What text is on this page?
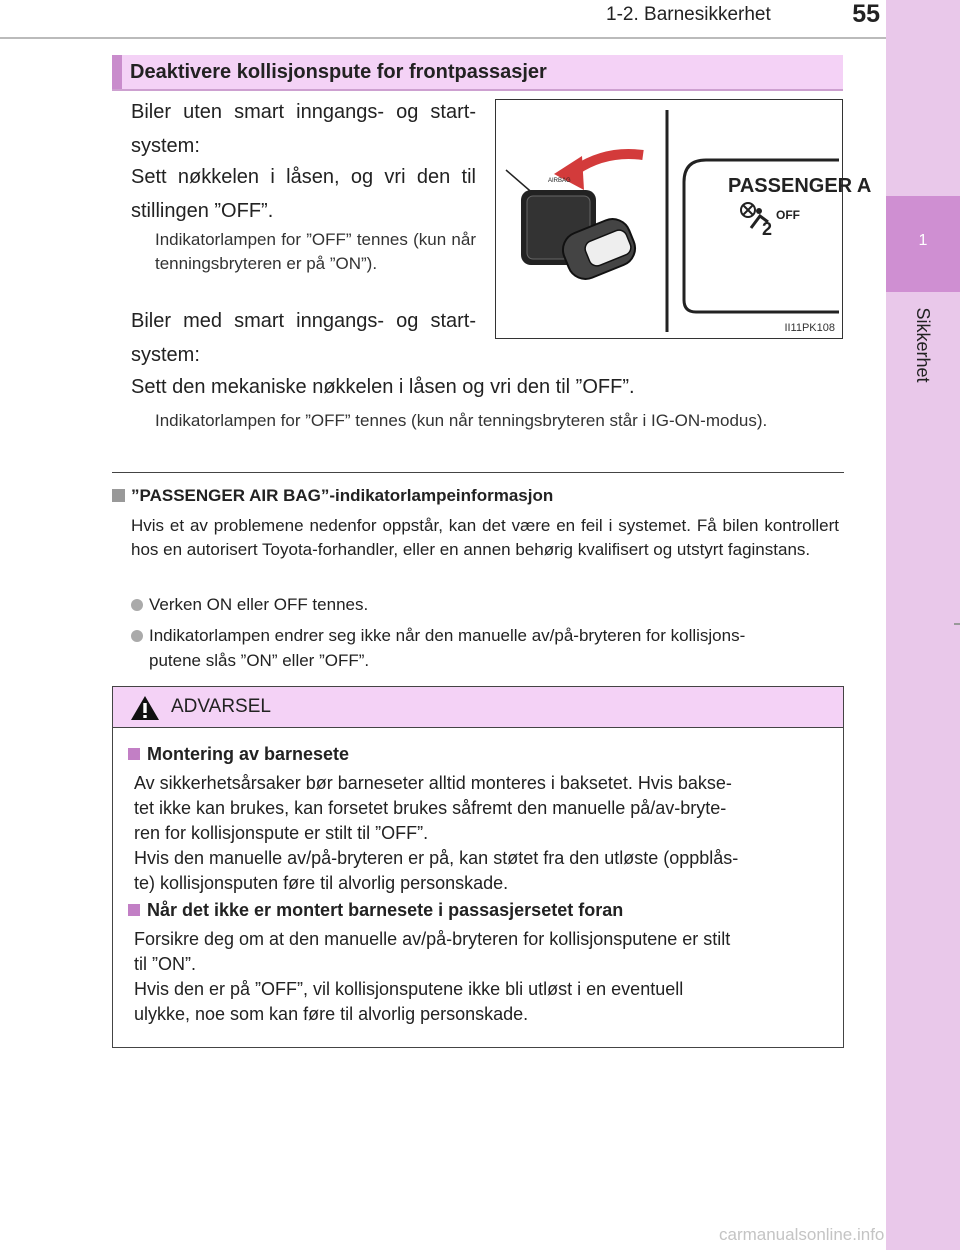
1-2. Barnesikkerhet	55
1
Sikkerhet
Deaktivere kollisjonspute for frontpassasjer
Biler uten smart inngangs- og start-system:
Sett nøkkelen i låsen, og vri den til stillingen ”OFF”.
Indikatorlampen for ”OFF” tennes (kun når tenningsbryteren er på ”ON”).
Biler med smart inngangs- og start-system:
Sett den mekaniske nøkkelen i låsen og vri den til ”OFF”.
Indikatorlampen for ”OFF” tennes (kun når tenningsbryteren står i IG-ON-modus).
AIRBAG	PASSENGER A
2
OFF
II11PK108
”PASSENGER AIR BAG”-indikatorlampeinformasjon
Hvis et av problemene nedenfor oppstår, kan det være en feil i systemet. Få bilen kontrollert hos en autorisert Toyota-forhandler, eller en annen behørig kvalifisert og utstyrt faginstans.
Verken ON eller OFF tennes.
Indikatorlampen endrer seg ikke når den manuelle av/på-bryteren for kollisjons-
putene slås ”ON” eller ”OFF”.
ADVARSEL
Montering av barnesete
Av sikkerhetsårsaker bør barneseter alltid monteres i baksetet. Hvis bakse-
tet ikke kan brukes, kan forsetet brukes såfremt den manuelle på/av-bryte-
ren for kollisjonspute er stilt til ”OFF”.
Hvis den manuelle av/på-bryteren er på, kan støtet fra den utløste (oppblås-
te) kollisjonsputen føre til alvorlig personskade.
Når det ikke er montert barnesete i passasjersetet foran
Forsikre deg om at den manuelle av/på-bryteren for kollisjonsputene er stilt
til ”ON”.
Hvis den er på ”OFF”, vil kollisjonsputene ikke bli utløst i en eventuell
ulykke, noe som kan føre til alvorlig personskade.
carmanualsonline.info
